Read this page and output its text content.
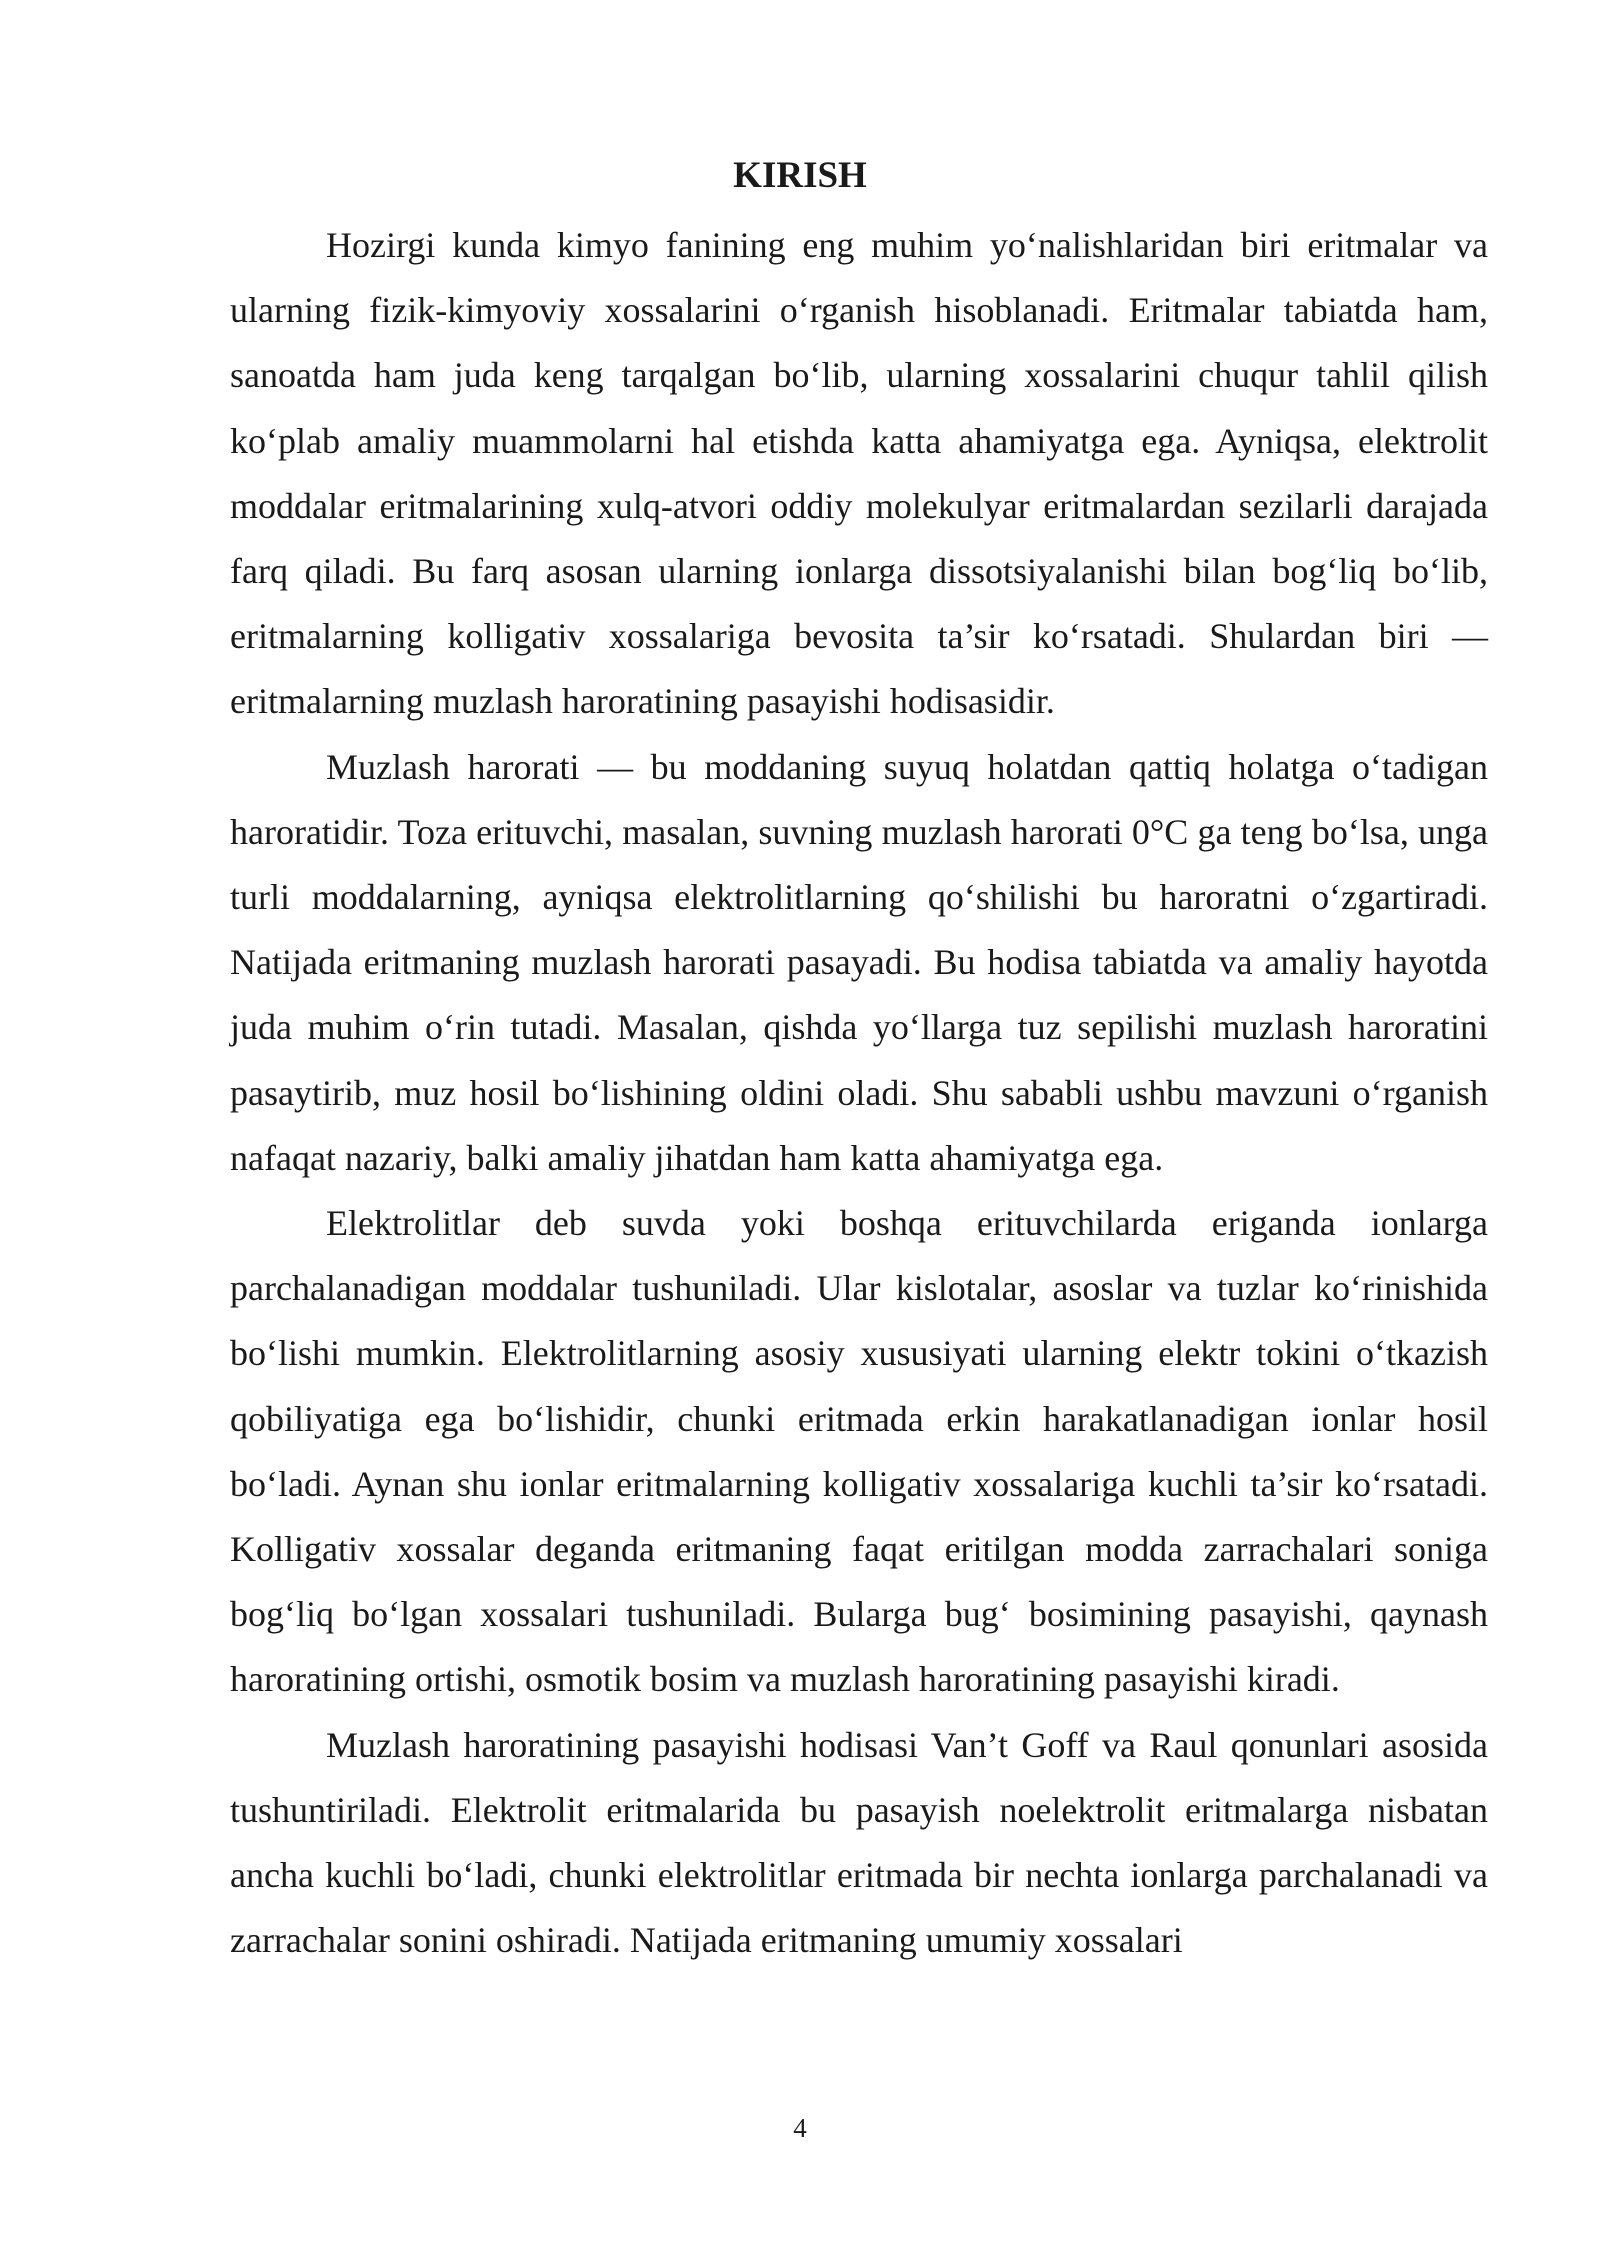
KIRISH

Hozirgi kunda kimyo fanining eng muhim yo‘nalishlaridan biri eritmalar va ularning fizik-kimyoviy xossalarini o‘rganish hisoblanadi. Eritmalar tabiatda ham, sanoatda ham juda keng tarqalgan bo‘lib, ularning xossalarini chuqur tahlil qilish ko‘plab amaliy muammolarni hal etishda katta ahamiyatga ega. Ayniqsa, elektrolit moddalar eritmalarining xulq-atvori oddiy molekulyar eritmalardan sezilarli darajada farq qiladi. Bu farq asosan ularning ionlarga dissotsiyalanishi bilan bog‘liq bo‘lib, eritmalarning kolligativ xossalariga bevosita ta’sir ko‘rsatadi. Shulardan biri — eritmalarning muzlash haroratining pasayishi hodisasidir.

Muzlash harorati — bu moddaning suyuq holatdan qattiq holatga o‘tadigan haroratidir. Toza erituvchi, masalan, suvning muzlash harorati 0°C ga teng bo‘lsa, unga turli moddalarning, ayniqsa elektrolitlarning qo‘shilishi bu haroratni o‘zgartiradi. Natijada eritmaning muzlash harorati pasayadi. Bu hodisa tabiatda va amaliy hayotda juda muhim o‘rin tutadi. Masalan, qishda yo‘llarga tuz sepilishi muzlash haroratini pasaytirib, muz hosil bo‘lishining oldini oladi. Shu sababli ushbu mavzuni o‘rganish nafaqat nazariy, balki amaliy jihatdan ham katta ahamiyatga ega.

Elektrolitlar deb suvda yoki boshqa erituvchilarda eriganda ionlarga parchalanadigan moddalar tushuniladi. Ular kislotalar, asoslar va tuzlar ko‘rinishida bo‘lishi mumkin. Elektrolitlarning asosiy xususiyati ularning elektr tokini o‘tkazish qobiliyatiga ega bo‘lishidir, chunki eritmada erkin harakatlanadigan ionlar hosil bo‘ladi. Aynan shu ionlar eritmalarning kolligativ xossalariga kuchli ta’sir ko‘rsatadi. Kolligativ xossalar deganda eritmaning faqat eritilgan modda zarrachalari soniga bog‘liq bo‘lgan xossalari tushuniladi. Bularga bug‘ bosimining pasayishi, qaynash haroratining ortishi, osmotik bosim va muzlash haroratining pasayishi kiradi.

Muzlash haroratining pasayishi hodisasi Van’t Goff va Raul qonunlari asosida tushuntiriladi. Elektrolit eritmalarida bu pasayish noelektrolit eritmalarga nisbatan ancha kuchli bo‘ladi, chunki elektrolitlar eritmada bir nechta ionlarga parchalanadi va zarrachalar sonini oshiradi. Natijada eritmaning umumiy xossalari

4
